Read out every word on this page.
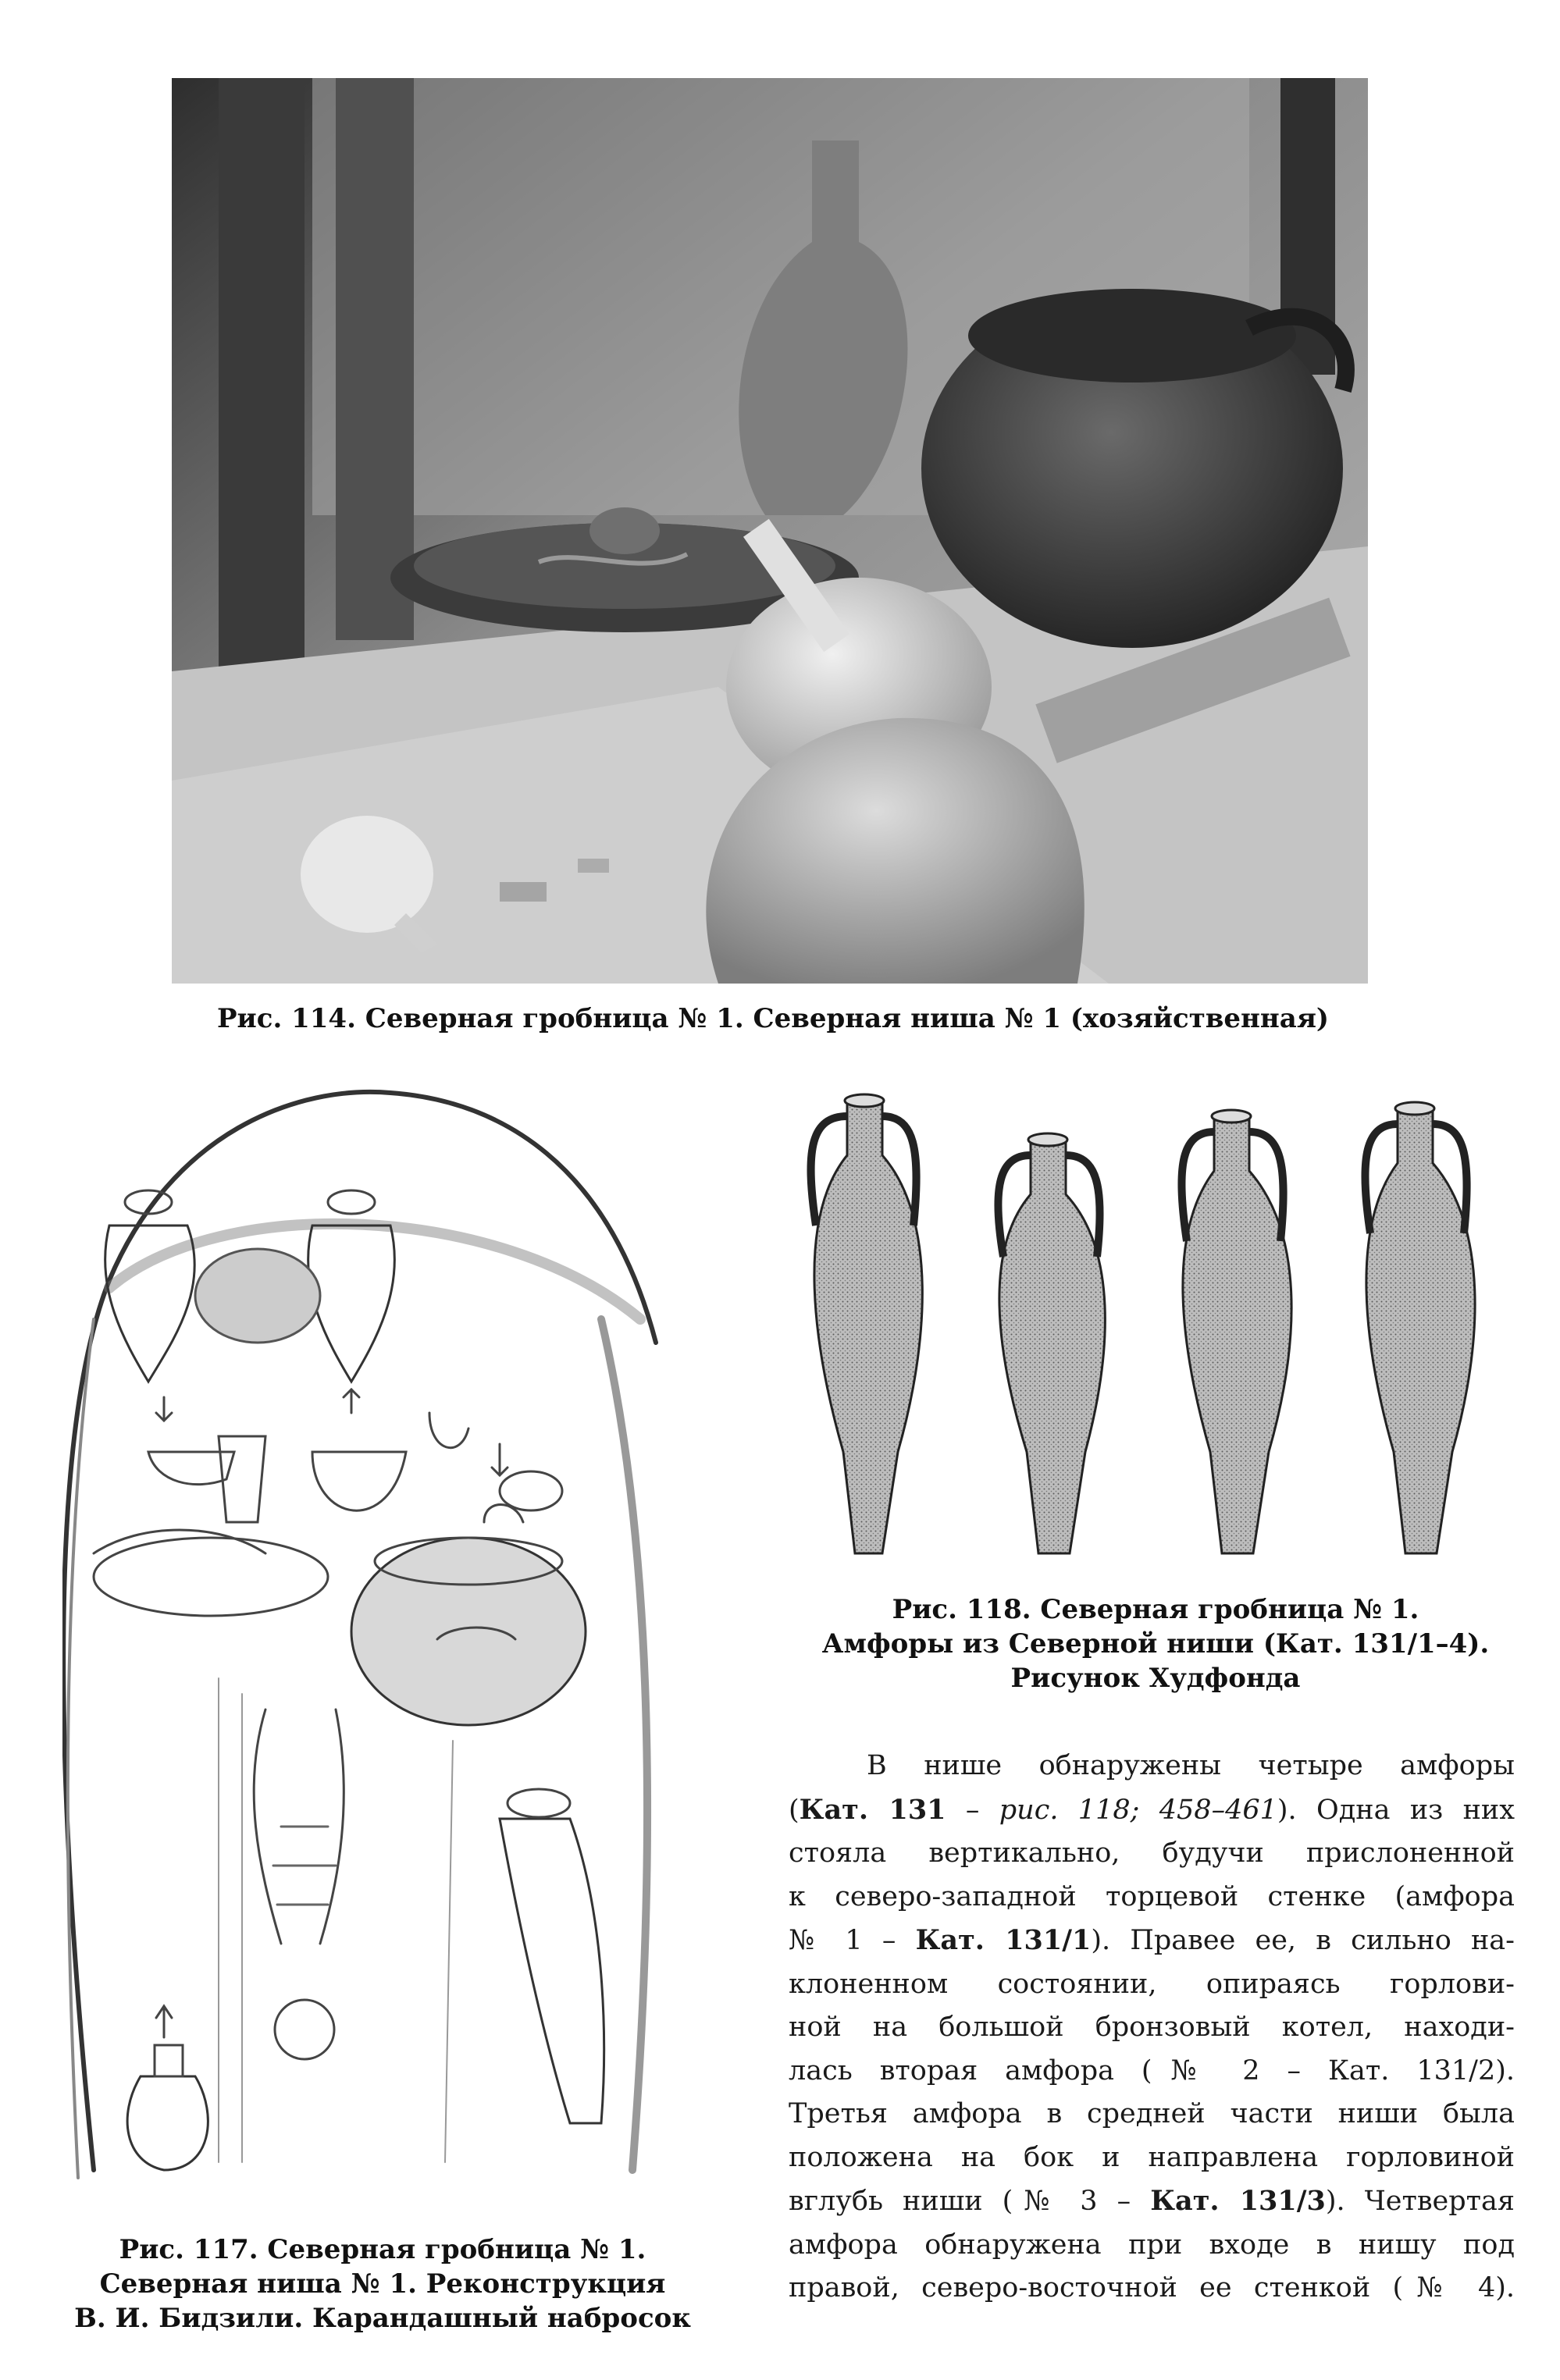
Рис. 114. Северная гробница № 1. Северная ниша № 1 (хозяйственная)
Рис. 117. Северная гробница № 1.
Северная ниша № 1. Реконструкция
В. И. Бидзили. Карандашный набросок
Рис. 118. Северная гробница № 1.
Амфоры из Северной ниши (Кат. 131/1–4).
Рисунок Худфонда
В нише обнаружены четыре амфоры
(Кат. 131 – рис. 118; 458–461). Одна из них
стояла вертикально, будучи прислоненной
к северо-западной торцевой стенке (амфора
№ 1 – Кат. 131/1). Правее ее, в сильно на-
клоненном состоянии, опираясь горлови-
ной на большой бронзовый котел, находи-
лась вторая амфора (№ 2 – Кат. 131/2).
Третья амфора в средней части ниши была
положена на бок и направлена горловиной
вглубь ниши (№ 3 – Кат. 131/3). Четвертая
амфора обнаружена при входе в нишу под
правой, северо-восточной ее стенкой (№ 4).
